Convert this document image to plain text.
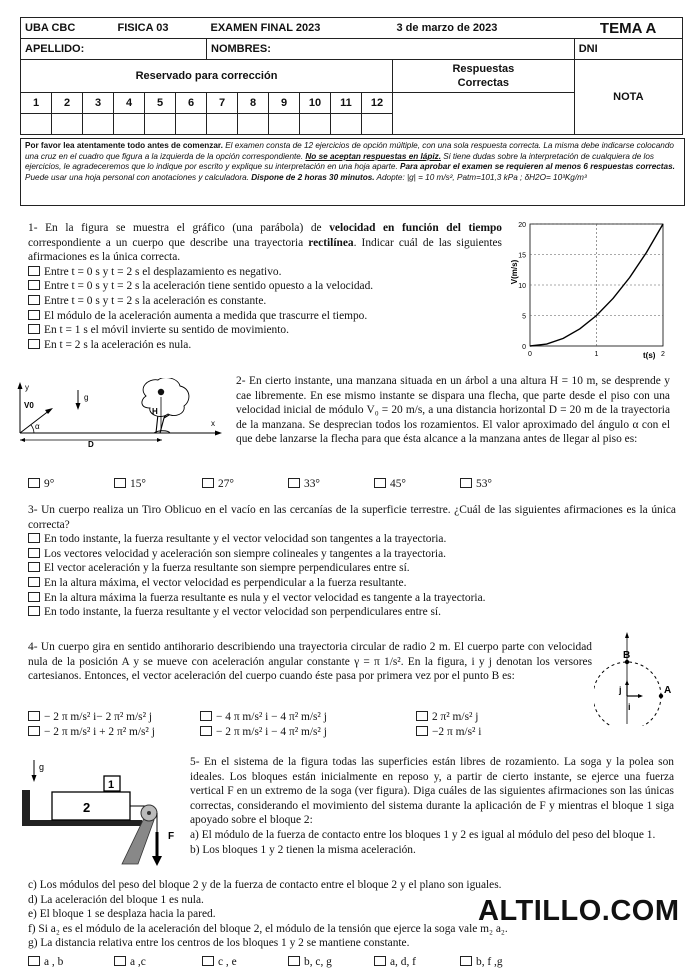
UBA CBC			FISICA 03			EXAMEN FINAL 2023						3 de marzo de 2023	TEMA A
APELLIDO:						NOMBRES:							DNI
Reservado para corrección												Respuestas
Correctas	NOTA

1	2	3	4	5	6	7	8	9	10	11	12		

Por favor lea atentamente todo antes de comenzar. El examen consta de 12 ejercicios de opción múltiple, con una sola respuesta correcta. La misma debe indicarse colocando una cruz en el cuadro que figura a la izquierda de la opción correspondiente. No se aceptan respuestas en lápiz. Si tiene dudas sobre la interpretación de cualquiera de los ejercicios, le agradeceremos que lo indique por escrito y explique su interpretación en una hoja aparte. Para aprobar el examen se requieren al menos 6 respuestas correctas. Puede usar una hoja personal con anotaciones y calculadora. Dispone de 2 horas 30 minutos. Adopte: |g| = 10 m/s², Patm=101,3 kPa ; δH2O= 10³Kg/m³

1- En la figura se muestra el gráfico (una parábola) de velocidad en función del tiempo correspondiente a un cuerpo que describe una trayectoria rectilínea. Indicar cuál de las siguientes afirmaciones es la única correcta.

Entre t = 0 s y t = 2 s el desplazamiento es negativo.
Entre t = 0 s y t = 2 s la aceleración tiene sentido opuesto a la velocidad.
Entre t = 0 s y t = 2 s la aceleración es constante.
El módulo de la aceleración aumenta a medida que trascurre el tiempo.
En t = 1 s el móvil invierte su sentido de movimiento.
En t = 2 s la aceleración es nula.
V(m/s)
t(s)
0
5
10
15
20
0	1	2
y
g
x
V0
α
D
H

2- En cierto instante, una manzana situada en un árbol a una altura H = 10 m, se desprende y cae libremente. En ese mismo instante se dispara una flecha, que parte desde el piso con una velocidad inicial de módulo V₀ = 20 m/s, a una distancia horizontal D = 20 m de la trayectoria de la manzana. Se desprecian todos los rozamientos. El valor aproximado del ángulo α con el que debe lanzarse la flecha para que ésta alcance a la manzana antes de llegar al piso es:

9°	15°	27°	33°	45°	53°

3- Un cuerpo realiza un Tiro Oblicuo en el vacío en las cercanías de la superficie terrestre. ¿Cuál de las siguientes afirmaciones es la única correcta?

En todo instante, la fuerza resultante y el vector velocidad son tangentes a la trayectoria.
Los vectores velocidad y aceleración son siempre colineales y tangentes a la trayectoria.
El vector aceleración y la fuerza resultante son siempre perpendiculares entre sí.
En la altura máxima, el vector velocidad es perpendicular a la fuerza resultante.
En la altura máxima la fuerza resultante es nula y el vector velocidad es tangente a la trayectoria.
En todo instante, la fuerza resultante y el vector velocidad son perpendiculares entre sí.

4- Un cuerpo gira en sentido antihorario describiendo una trayectoria circular de radio 2 m. El cuerpo parte con velocidad nula de la posición A y se mueve con aceleración angular constante γ = π 1/s². En la figura, i y j denotan los versores cartesianos. Entonces, el vector aceleración del cuerpo cuando éste pasa por primera vez por el punto B es:

B
A
j
i
− 2 π m/s² i− 2 π² m/s² j	− 4 π m/s² i − 4 π² m/s² j	2 π² m/s² j
− 2 π m/s² i + 2 π² m/s² j	− 2 π m/s² i − 4 π² m/s² j	−2 π m/s² i
g
2
1
F

5- En el sistema de la figura todas las superficies están libres de rozamiento. La soga y la polea son ideales. Los bloques están inicialmente en reposo y, a partir de cierto instante, se ejerce una fuerza vertical F en un extremo de la soga (ver figura). Diga cuáles de las siguientes afirmaciones son las únicas correctas, considerando el movimiento del sistema durante la aplicación de F y mientras el bloque 1 siga apoyado sobre el bloque 2:

a) El módulo de la fuerza de contacto entre los bloques 1 y 2 es igual al módulo del peso del bloque 1.

b) Los bloques 1 y 2 tienen la misma aceleración.

c) Los módulos del peso del bloque 2 y de la fuerza de contacto entre el bloque 2 y el plano son iguales.

d) La aceleración del bloque 1 es nula.

e) El bloque 1 se desplaza hacia la pared.

f) Si a₂ es el módulo de la aceleración del bloque 2, el módulo de la tensión que ejerce la soga vale m₂ a₂.

g) La distancia relativa entre los centros de los bloques 1 y 2 se mantiene constante.

a , b	a ,c	c , e	b, c, g	a, d, f	b, f ,g
ALTILLO.COM
